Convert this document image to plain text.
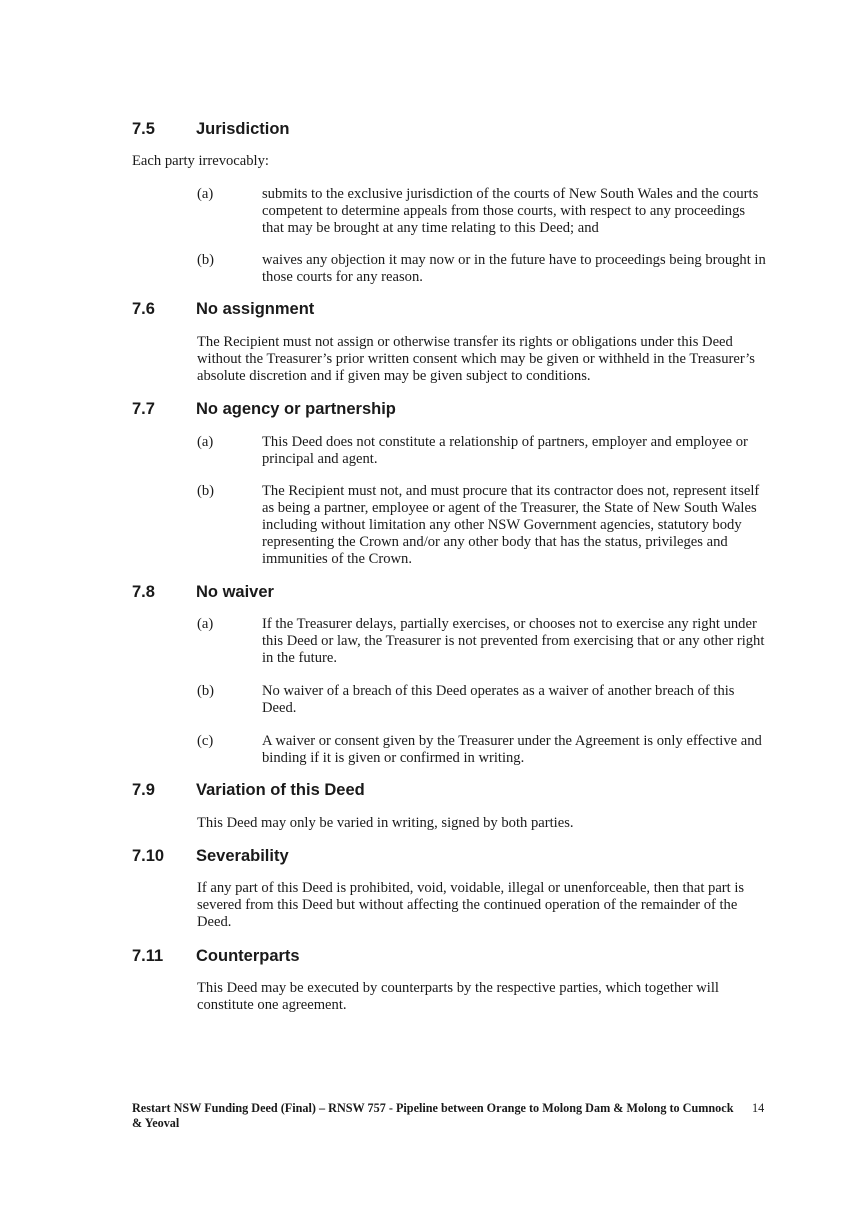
7.5 Jurisdiction
Each party irrevocably:
(a)	submits to the exclusive jurisdiction of the courts of New South Wales and the courts competent to determine appeals from those courts, with respect to any proceedings that may be brought at any time relating to this Deed; and
(b)	waives any objection it may now or in the future have to proceedings being brought in those courts for any reason.
7.6 No assignment
The Recipient must not assign or otherwise transfer its rights or obligations under this Deed without the Treasurer’s prior written consent which may be given or withheld in the Treasurer’s absolute discretion and if given may be given subject to conditions.
7.7 No agency or partnership
(a)	This Deed does not constitute a relationship of partners, employer and employee or principal and agent.
(b)	The Recipient must not, and must procure that its contractor does not, represent itself as being a partner, employee or agent of the Treasurer, the State of New South Wales including without limitation any other NSW Government agencies, statutory body representing the Crown and/or any other body that has the status, privileges and immunities of the Crown.
7.8 No waiver
(a)	If the Treasurer delays, partially exercises, or chooses not to exercise any right under this Deed or law, the Treasurer is not prevented from exercising that or any other right in the future.
(b)	No waiver of a breach of this Deed operates as a waiver of another breach of this Deed.
(c)	A waiver or consent given by the Treasurer under the Agreement is only effective and binding if it is given or confirmed in writing.
7.9 Variation of this Deed
This Deed may only be varied in writing, signed by both parties.
7.10 Severability
If any part of this Deed is prohibited, void, voidable, illegal or unenforceable, then that part is severed from this Deed but without affecting the continued operation of the remainder of the Deed.
7.11 Counterparts
This Deed may be executed by counterparts by the respective parties, which together will constitute one agreement.
Restart NSW Funding Deed (Final) – RNSW 757 - Pipeline between Orange to Molong Dam & Molong to Cumnock & Yeoval
14
